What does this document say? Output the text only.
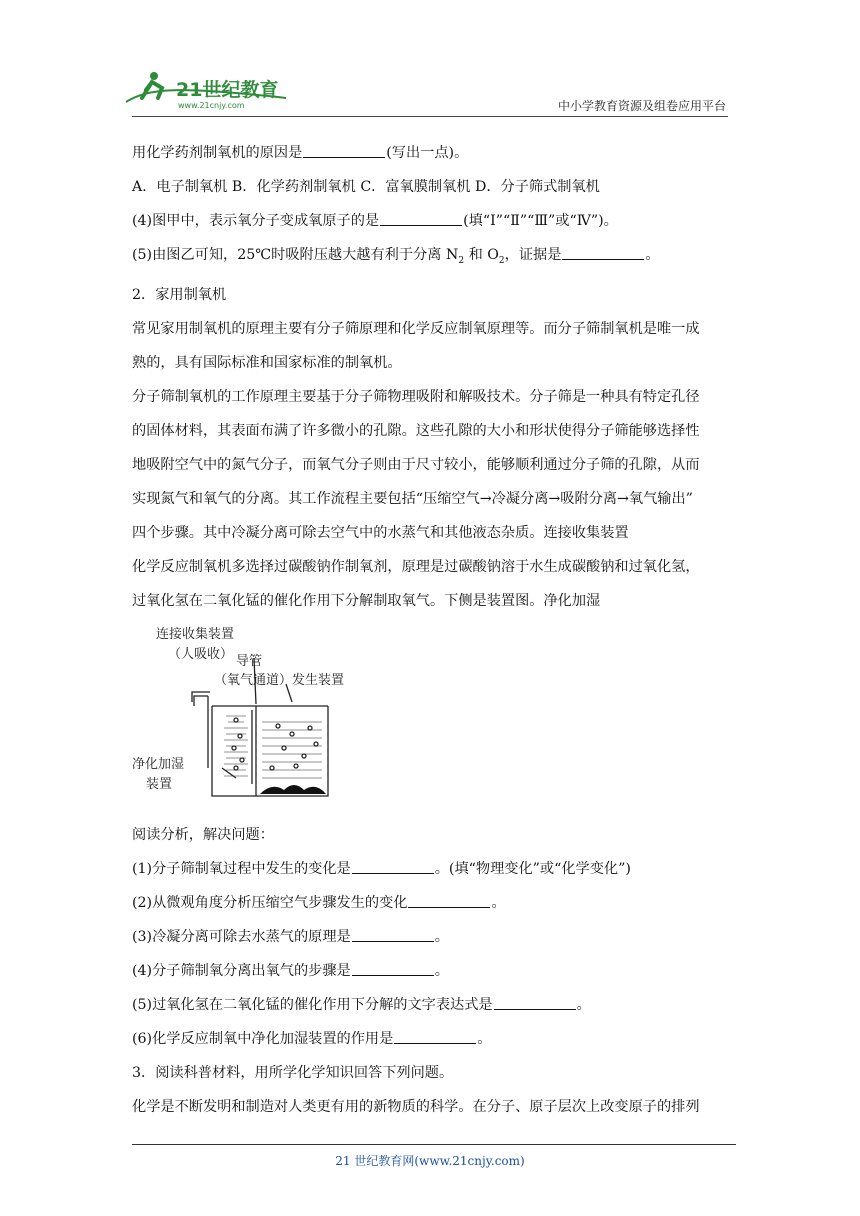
21世纪教育
www.21cnjy.com	中小学教育资源及组卷应用平台

用化学药剂制氧机的原因是	(写出一点)。

A．电子制氧机 B．化学药剂制氧机 C．富氧膜制氧机 D．分子筛式制氧机

(4)图甲中，表示氧分子变成氧原子的是	(填“Ⅰ”“Ⅱ”“Ⅲ”或“Ⅳ”)。

(5)由图乙可知，25℃时吸附压越大越有利于分离 $N_2$ 和 $O_2$，证据是	。

2．家用制氧机

常见家用制氧机的原理主要有分子筛原理和化学反应制氧原理等。而分子筛制氧机是唯一成

熟的，具有国际标准和国家标准的制氧机。

分子筛制氧机的工作原理主要基于分子筛物理吸附和解吸技术。分子筛是一种具有特定孔径

的固体材料，其表面布满了许多微小的孔隙。这些孔隙的大小和形状使得分子筛能够选择性

地吸附空气中的氮气分子，而氧气分子则由于尺寸较小，能够顺利通过分子筛的孔隙，从而

实现氮气和氧气的分离。其工作流程主要包括“压缩空气→冷凝分离→吸附分离→氧气输出”

四个步骤。其中冷凝分离可除去空气中的水蒸气和其他液态杂质。连接收集装置

化学反应制氧机多选择过碳酸钠作制氧剂，原理是过碳酸钠溶于水生成碳酸钠和过氧化氢，

过氧化氢在二氧化锰的催化作用下分解制取氧气。下侧是装置图。净化加湿

连接收集装置
（人吸收） 导管
（氧气通道） 发生装置
净化加湿
装置

阅读分析，解决问题：

(1)分子筛制氧过程中发生的变化是	。(填“物理变化”或“化学变化”)

(2)从微观角度分析压缩空气步骤发生的变化	。

(3)冷凝分离可除去水蒸气的原理是	。

(4)分子筛制氧分离出氧气的步骤是	。

(5)过氧化氢在二氧化锰的催化作用下分解的文字表达式是	。

(6)化学反应制氧中净化加湿装置的作用是	。

3．阅读科普材料，用所学化学知识回答下列问题。

化学是不断发明和制造对人类更有用的新物质的科学。在分子、原子层次上改变原子的排列

21 世纪教育网(www.21cnjy.com)
